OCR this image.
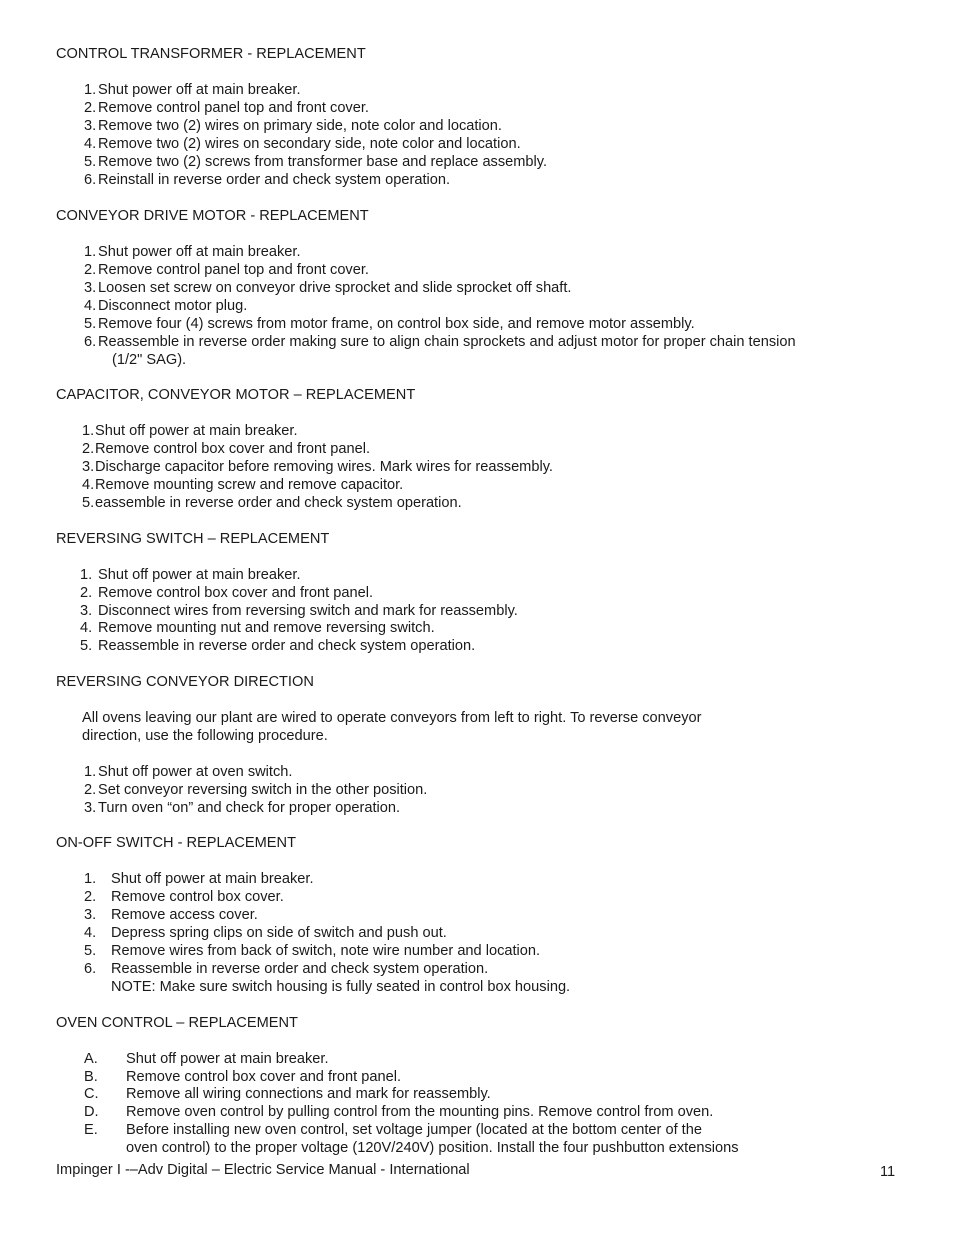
CONTROL TRANSFORMER - REPLACEMENT
1. Shut power off at main breaker.
2. Remove control panel top and front cover.
3. Remove two (2) wires on primary side, note color and location.
4. Remove two (2) wires on secondary side, note color and location.
5. Remove two (2) screws from transformer base and replace assembly.
6. Reinstall in reverse order and check system operation.
CONVEYOR DRIVE MOTOR - REPLACEMENT
1. Shut power off at main breaker.
2. Remove control panel top and front cover.
3. Loosen set screw on conveyor drive sprocket and slide sprocket off shaft.
4. Disconnect motor plug.
5. Remove four (4) screws from motor frame, on control box side, and remove motor assembly.
6. Reassemble in reverse order making sure to align chain sprockets and adjust motor for proper chain tension
(1/2" SAG).
CAPACITOR, CONVEYOR MOTOR – REPLACEMENT
1. Shut off power at main breaker.
2. Remove control box cover and front panel.
3. Discharge capacitor before removing wires. Mark wires for reassembly.
4. Remove mounting screw and remove capacitor.
5. eassemble in reverse order and check system operation.
REVERSING SWITCH – REPLACEMENT
1. Shut off power at main breaker.
2. Remove control box cover and front panel.
3. Disconnect wires from reversing switch and mark for reassembly.
4. Remove mounting nut and remove reversing switch.
5. Reassemble in reverse order and check system operation.
REVERSING CONVEYOR DIRECTION
All ovens leaving our plant are wired to operate conveyors from left to right. To reverse conveyor
direction, use the following procedure.
1. Shut off power at oven switch.
2. Set conveyor reversing switch in the other position.
3. Turn oven “on” and check for proper operation.
ON-OFF SWITCH - REPLACEMENT
1. Shut off power at main breaker.
2. Remove control box cover.
3. Remove access cover.
4. Depress spring clips on side of switch and push out.
5. Remove wires from back of switch, note wire number and location.
6. Reassemble in reverse order and check system operation.
NOTE: Make sure switch housing is fully seated in control box housing.
OVEN CONTROL – REPLACEMENT
A. Shut off power at main breaker.
B. Remove control box cover and front panel.
C. Remove all wiring connections and mark for reassembly.
D. Remove oven control by pulling control from the mounting pins. Remove control from oven.
E. Before installing new oven control, set voltage jumper (located at the bottom center of the
oven control) to the proper voltage (120V/240V) position. Install the four pushbutton extensions
Impinger I -–Adv Digital – Electric Service Manual - International	11
